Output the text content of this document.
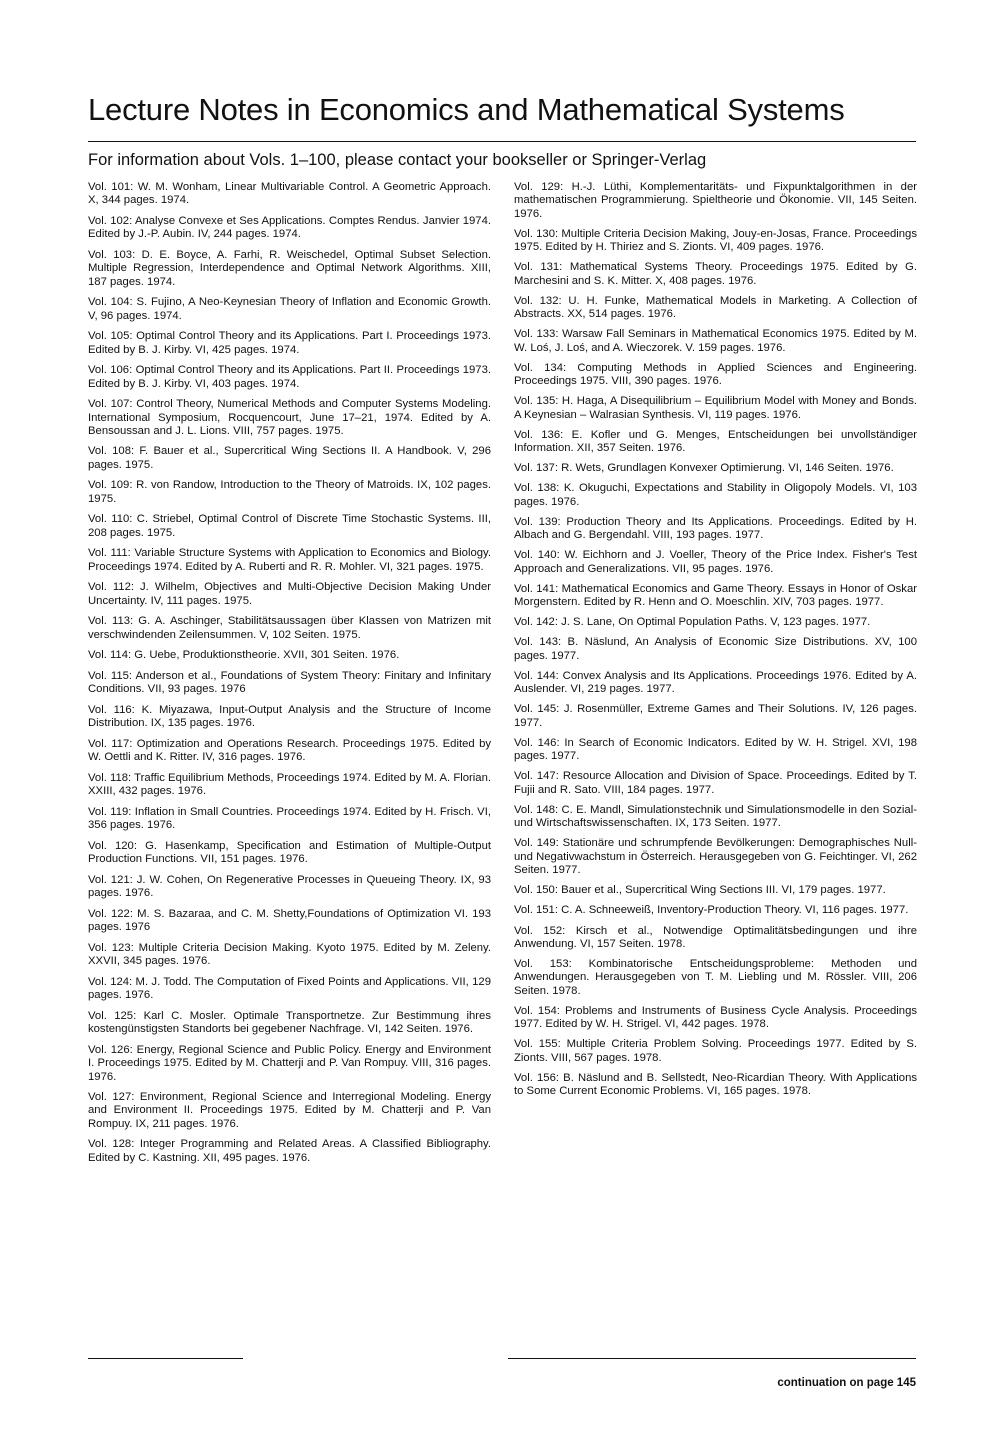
Lecture Notes in Economics and Mathematical Systems
For information about Vols. 1–100, please contact your bookseller or Springer-Verlag

Vol. 101: W. M. Wonham, Linear Multivariable Control. A Geometric Approach. X, 344 pages. 1974.

Vol. 102: Analyse Convexe et Ses Applications. Comptes Rendus. Janvier 1974. Edited by J.-P. Aubin. IV, 244 pages. 1974.

Vol. 103: D. E. Boyce, A. Farhi, R. Weischedel, Optimal Subset Selection. Multiple Regression, Interdependence and Optimal Network Algorithms. XIII, 187 pages. 1974.

Vol. 104: S. Fujino, A Neo-Keynesian Theory of Inflation and Economic Growth. V, 96 pages. 1974.

Vol. 105: Optimal Control Theory and its Applications. Part I. Proceedings 1973. Edited by B. J. Kirby. VI, 425 pages. 1974.

Vol. 106: Optimal Control Theory and its Applications. Part II. Proceedings 1973. Edited by B. J. Kirby. VI, 403 pages. 1974.

Vol. 107: Control Theory, Numerical Methods and Computer Systems Modeling. International Symposium, Rocquencourt, June 17–21, 1974. Edited by A. Bensoussan and J. L. Lions. VIII, 757 pages. 1975.

Vol. 108: F. Bauer et al., Supercritical Wing Sections II. A Handbook. V, 296 pages. 1975.

Vol. 109: R. von Randow, Introduction to the Theory of Matroids. IX, 102 pages. 1975.

Vol. 110: C. Striebel, Optimal Control of Discrete Time Stochastic Systems. III, 208 pages. 1975.

Vol. 111: Variable Structure Systems with Application to Economics and Biology. Proceedings 1974. Edited by A. Ruberti and R. R. Mohler. VI, 321 pages. 1975.

Vol. 112: J. Wilhelm, Objectives and Multi-Objective Decision Making Under Uncertainty. IV, 111 pages. 1975.

Vol. 113: G. A. Aschinger, Stabilitätsaussagen über Klassen von Matrizen mit verschwindenden Zeilensummen. V, 102 Seiten. 1975.

Vol. 114: G. Uebe, Produktionstheorie. XVII, 301 Seiten. 1976.

Vol. 115: Anderson et al., Foundations of System Theory: Finitary and Infinitary Conditions. VII, 93 pages. 1976

Vol. 116: K. Miyazawa, Input-Output Analysis and the Structure of Income Distribution. IX, 135 pages. 1976.

Vol. 117: Optimization and Operations Research. Proceedings 1975. Edited by W. Oettli and K. Ritter. IV, 316 pages. 1976.

Vol. 118: Traffic Equilibrium Methods, Proceedings 1974. Edited by M. A. Florian. XXIII, 432 pages. 1976.

Vol. 119: Inflation in Small Countries. Proceedings 1974. Edited by H. Frisch. VI, 356 pages. 1976.

Vol. 120: G. Hasenkamp, Specification and Estimation of Multiple-Output Production Functions. VII, 151 pages. 1976.

Vol. 121: J. W. Cohen, On Regenerative Processes in Queueing Theory. IX, 93 pages. 1976.

Vol. 122: M. S. Bazaraa, and C. M. Shetty,Foundations of Optimization VI. 193 pages. 1976

Vol. 123: Multiple Criteria Decision Making. Kyoto 1975. Edited by M. Zeleny. XXVII, 345 pages. 1976.

Vol. 124: M. J. Todd. The Computation of Fixed Points and Applications. VII, 129 pages. 1976.

Vol. 125: Karl C. Mosler. Optimale Transportnetze. Zur Bestimmung ihres kostengünstigsten Standorts bei gegebener Nachfrage. VI, 142 Seiten. 1976.

Vol. 126: Energy, Regional Science and Public Policy. Energy and Environment I. Proceedings 1975. Edited by M. Chatterji and P. Van Rompuy. VIII, 316 pages. 1976.

Vol. 127: Environment, Regional Science and Interregional Modeling. Energy and Environment II. Proceedings 1975. Edited by M. Chatterji and P. Van Rompuy. IX, 211 pages. 1976.

Vol. 128: Integer Programming and Related Areas. A Classified Bibliography. Edited by C. Kastning. XII, 495 pages. 1976.

Vol. 129: H.-J. Lüthi, Komplementaritäts- und Fixpunktalgorithmen in der mathematischen Programmierung. Spieltheorie und Ökonomie. VII, 145 Seiten. 1976.

Vol. 130: Multiple Criteria Decision Making, Jouy-en-Josas, France. Proceedings 1975. Edited by H. Thiriez and S. Zionts. VI, 409 pages. 1976.

Vol. 131: Mathematical Systems Theory. Proceedings 1975. Edited by G. Marchesini and S. K. Mitter. X, 408 pages. 1976.

Vol. 132: U. H. Funke, Mathematical Models in Marketing. A Collection of Abstracts. XX, 514 pages. 1976.

Vol. 133: Warsaw Fall Seminars in Mathematical Economics 1975. Edited by M. W. Loś, J. Loś, and A. Wieczorek. V. 159 pages. 1976.

Vol. 134: Computing Methods in Applied Sciences and Engineering. Proceedings 1975. VIII, 390 pages. 1976.

Vol. 135: H. Haga, A Disequilibrium – Equilibrium Model with Money and Bonds. A Keynesian – Walrasian Synthesis. VI, 119 pages. 1976.

Vol. 136: E. Kofler und G. Menges, Entscheidungen bei unvollständiger Information. XII, 357 Seiten. 1976.

Vol. 137: R. Wets, Grundlagen Konvexer Optimierung. VI, 146 Seiten. 1976.

Vol. 138: K. Okuguchi, Expectations and Stability in Oligopoly Models. VI, 103 pages. 1976.

Vol. 139: Production Theory and Its Applications. Proceedings. Edited by H. Albach and G. Bergendahl. VIII, 193 pages. 1977.

Vol. 140: W. Eichhorn and J. Voeller, Theory of the Price Index. Fisher's Test Approach and Generalizations. VII, 95 pages. 1976.

Vol. 141: Mathematical Economics and Game Theory. Essays in Honor of Oskar Morgenstern. Edited by R. Henn and O. Moeschlin. XIV, 703 pages. 1977.

Vol. 142: J. S. Lane, On Optimal Population Paths. V, 123 pages. 1977.

Vol. 143: B. Näslund, An Analysis of Economic Size Distributions. XV, 100 pages. 1977.

Vol. 144: Convex Analysis and Its Applications. Proceedings 1976. Edited by A. Auslender. VI, 219 pages. 1977.

Vol. 145: J. Rosenmüller, Extreme Games and Their Solutions. IV, 126 pages. 1977.

Vol. 146: In Search of Economic Indicators. Edited by W. H. Strigel. XVI, 198 pages. 1977.

Vol. 147: Resource Allocation and Division of Space. Proceedings. Edited by T. Fujii and R. Sato. VIII, 184 pages. 1977.

Vol. 148: C. E. Mandl, Simulationstechnik und Simulationsmodelle in den Sozial- und Wirtschaftswissenschaften. IX, 173 Seiten. 1977.

Vol. 149: Stationäre und schrumpfende Bevölkerungen: Demographisches Null- und Negativwachstum in Österreich. Herausgegeben von G. Feichtinger. VI, 262 Seiten. 1977.

Vol. 150: Bauer et al., Supercritical Wing Sections III. VI, 179 pages. 1977.

Vol. 151: C. A. Schneeweiß, Inventory-Production Theory. VI, 116 pages. 1977.

Vol. 152: Kirsch et al., Notwendige Optimalitätsbedingungen und ihre Anwendung. VI, 157 Seiten. 1978.

Vol. 153: Kombinatorische Entscheidungsprobleme: Methoden und Anwendungen. Herausgegeben von T. M. Liebling und M. Rössler. VIII, 206 Seiten. 1978.

Vol. 154: Problems and Instruments of Business Cycle Analysis. Proceedings 1977. Edited by W. H. Strigel. VI, 442 pages. 1978.

Vol. 155: Multiple Criteria Problem Solving. Proceedings 1977. Edited by S. Zionts. VIII, 567 pages. 1978.

Vol. 156: B. Näslund and B. Sellstedt, Neo-Ricardian Theory. With Applications to Some Current Economic Problems. VI, 165 pages. 1978.

continuation on page 145
